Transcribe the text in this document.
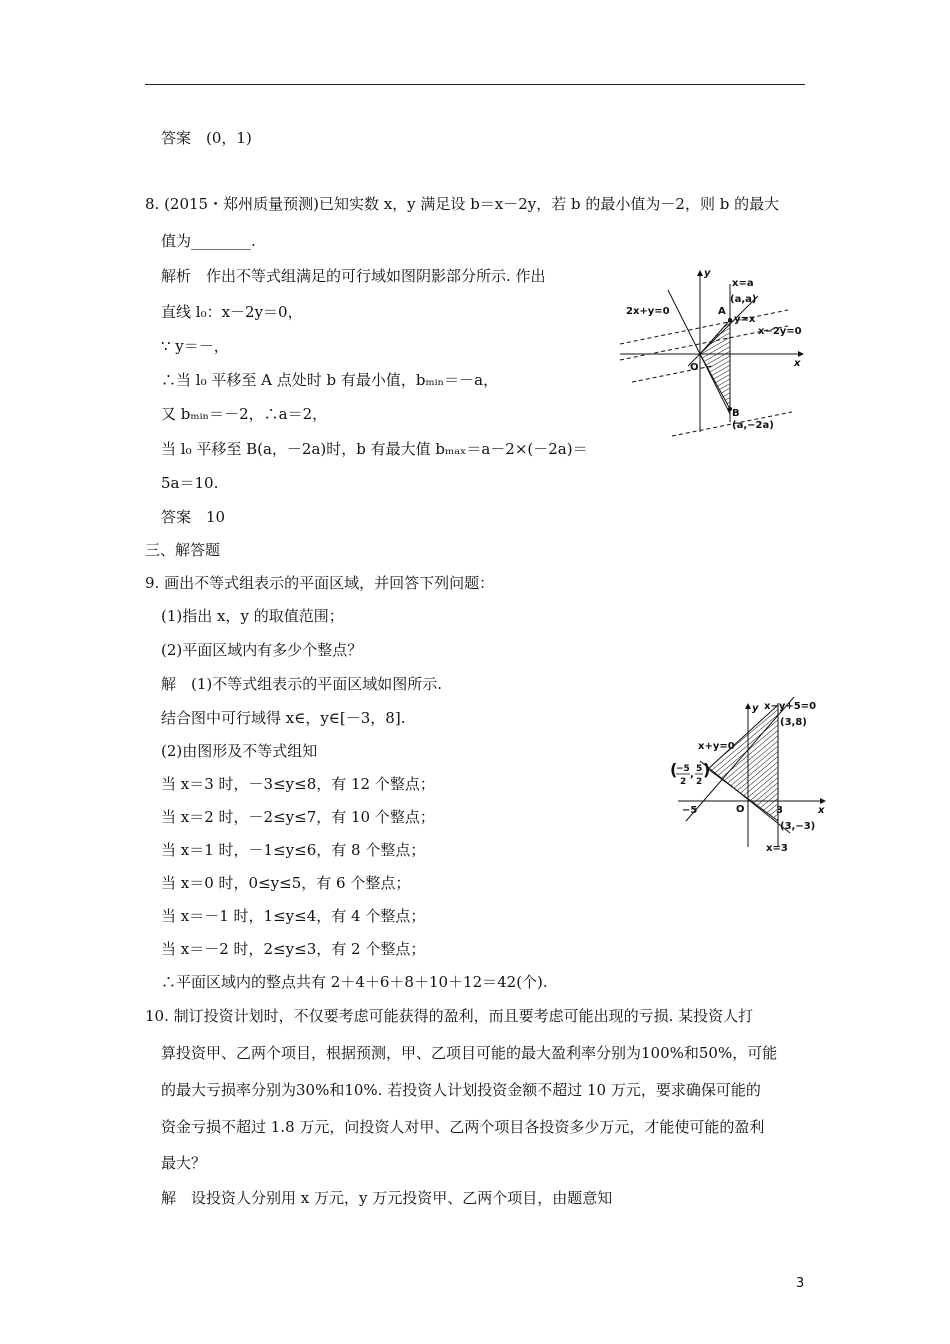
答案　(0，1)
8. (2015・郑州质量预测)已知实数 x，y 满足设 b＝x－2y，若 b 的最小值为－2，则 b 的最大
值为________.
解析　作出不等式组满足的可行域如图阴影部分所示. 作出
直线 l₀：x－2y＝0，
∵ y＝－，
∴当 l₀ 平移至 A 点处时 b 有最小值，bₘᵢₙ＝－a，
又 bₘᵢₙ＝－2，∴a＝2，
当 l₀ 平移至 B(a，－2a)时，b 有最大值 bₘₐₓ＝a－2×(－2a)＝
5a＝10.
答案　10
三、解答题
9. 画出不等式组表示的平面区域，并回答下列问题：
(1)指出 x，y 的取值范围；
(2)平面区域内有多少个整点？
解　(1)不等式组表示的平面区域如图所示.
结合图中可行域得 x∈，y∈[－3，8].
(2)由图形及不等式组知
当 x＝3 时，－3≤y≤8，有 12 个整点；
当 x＝2 时，－2≤y≤7，有 10 个整点；
当 x＝1 时，－1≤y≤6，有 8 个整点；
当 x＝0 时，0≤y≤5，有 6 个整点；
当 x＝－1 时，1≤y≤4，有 4 个整点；
当 x＝－2 时，2≤y≤3，有 2 个整点；
∴平面区域内的整点共有 2＋4＋6＋8＋10＋12＝42(个).
10. 制订投资计划时，不仅要考虑可能获得的盈利，而且要考虑可能出现的亏损. 某投资人打
算投资甲、乙两个项目，根据预测，甲、乙项目可能的最大盈利率分别为100%和50%，可能
的最大亏损率分别为30%和10%. 若投资人计划投资金额不超过 10 万元，要求确保可能的
资金亏损不超过 1.8 万元，问投资人对甲、乙两个项目各投资多少万元，才能使可能的盈利
最大？
解　设投资人分别用 x 万元，y 万元投资甲、乙两个项目，由题意知
y
x=a
(a,a)
A
y=x
x−2y=0
2x+y=0
O	x
B
(a,−2a)
y x−y+5=0
(3,8)
x+y=0
(
−5
2
, 5
2
)
−5	O	3	x
(3,−3)
x=3
3
